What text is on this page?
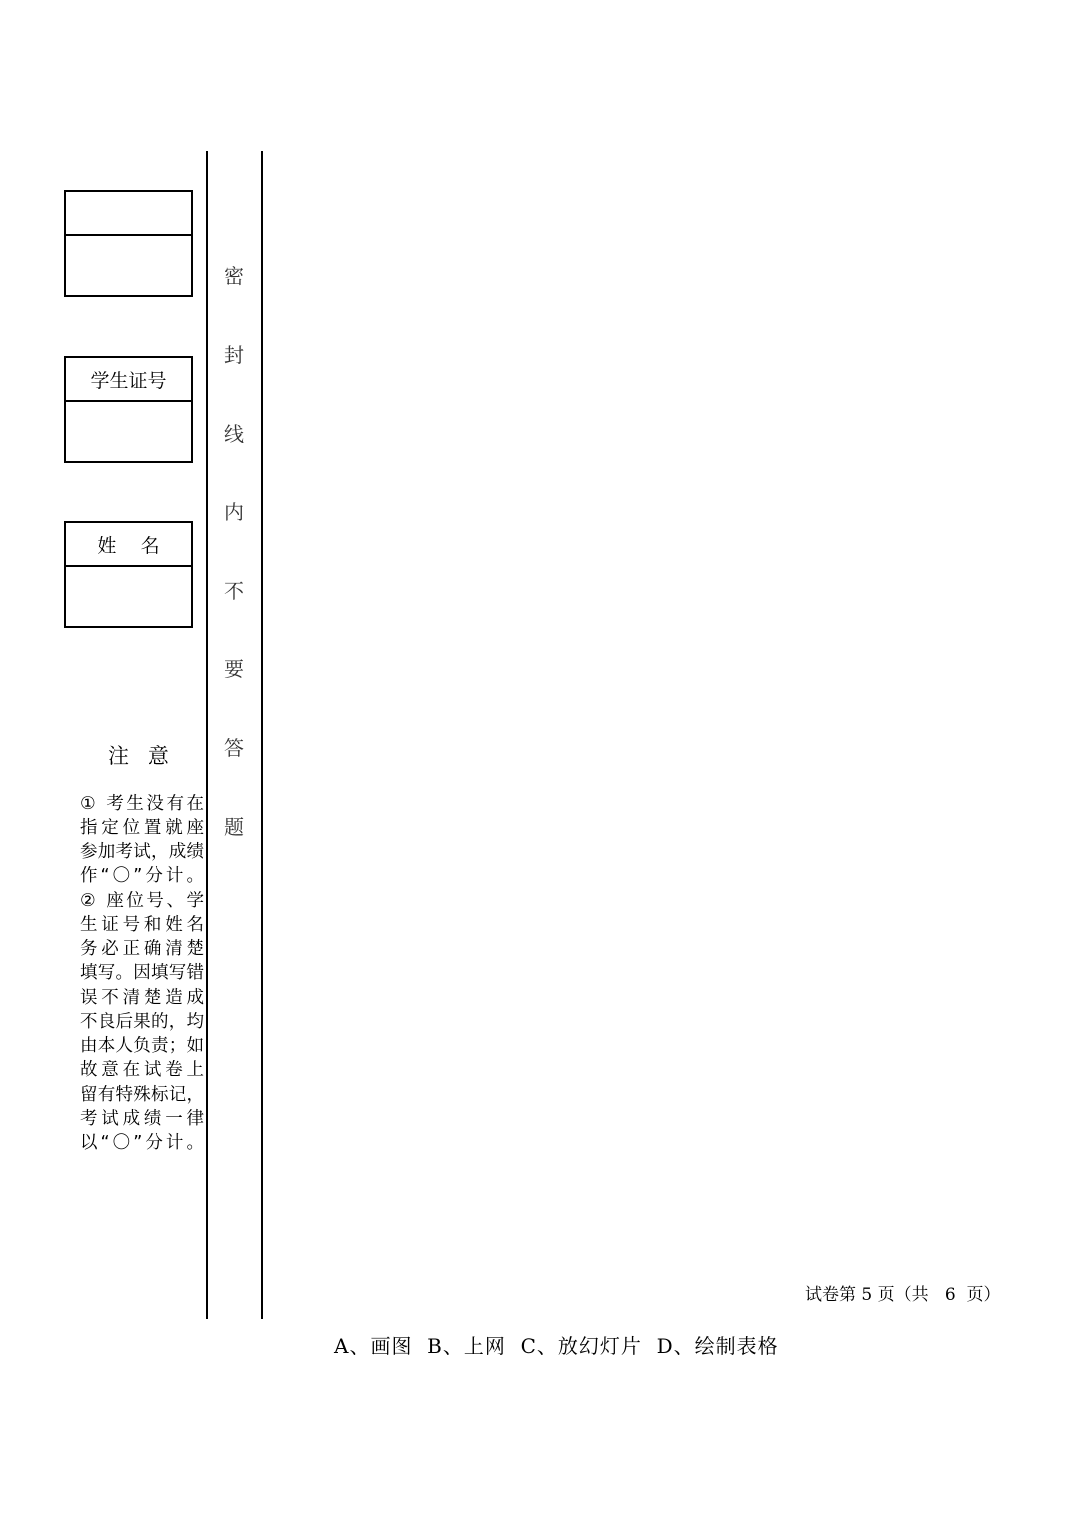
学生证号
姓    名
注意
① 考生没有在
指定位置就座
参加考试，成绩
作“〇”分计。
② 座位号、学
生证号和姓名
务必正确清楚
填写。因填写错
误不清楚造成
不良后果的，均
由本人负责；如
故意在试卷上
留有特殊标记，
考试成绩一律
以“〇”分计。
密
封
线
内
不
要
答
题
试卷第 5 页（共   6  页）
A、画图  B、上网  C、放幻灯片  D、绘制表格
